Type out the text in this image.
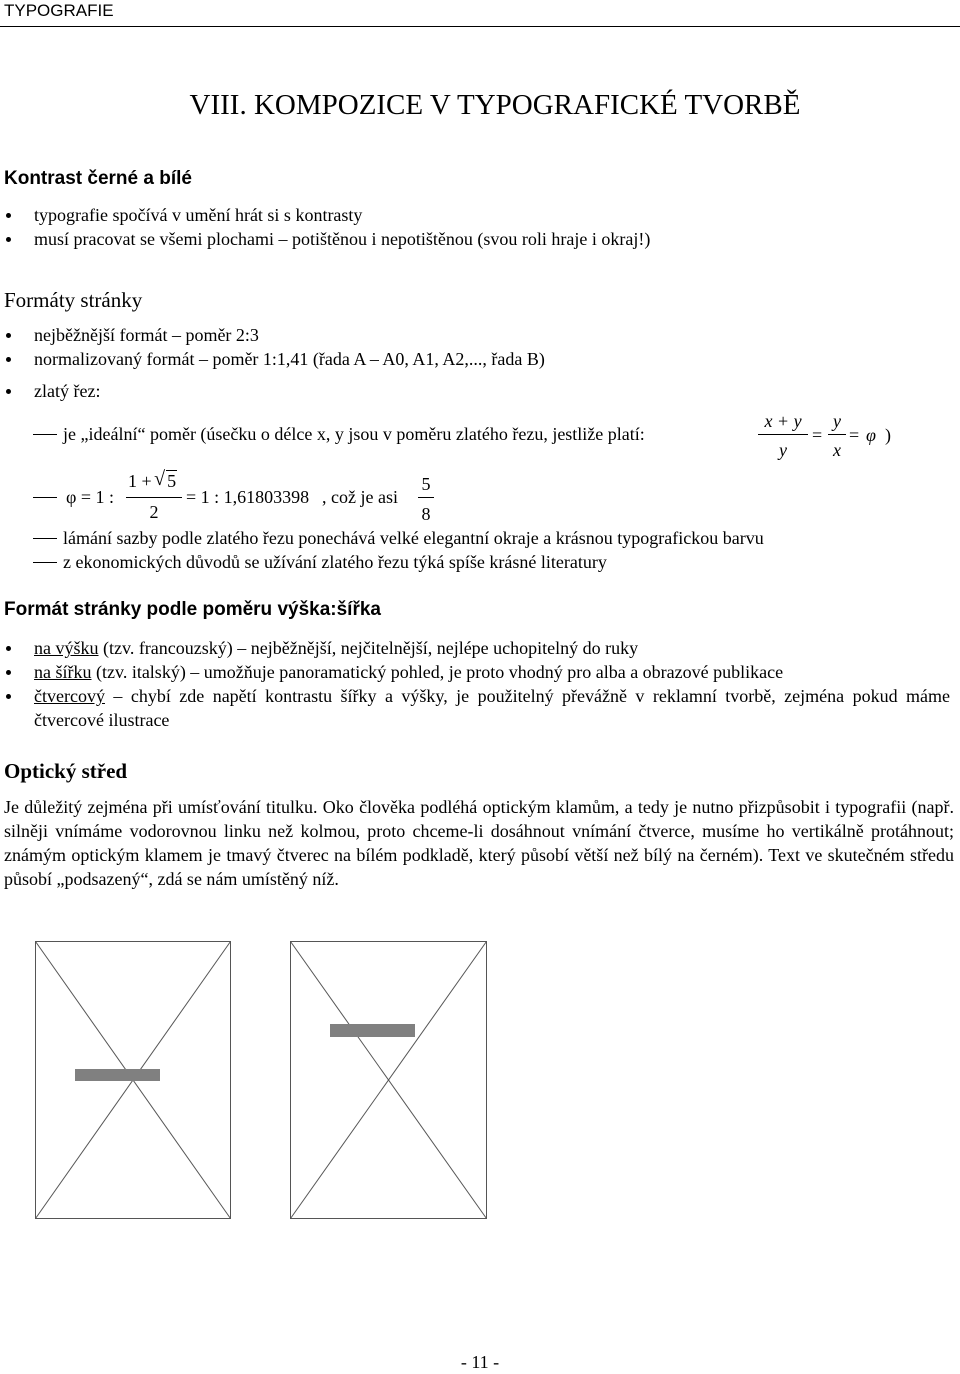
TYPOGRAFIE
VIII. KOMPOZICE V TYPOGRAFICKÉ TVORBĚ
Kontrast černé a bílé
typografie spočívá v umění hrát si s kontrasty
musí pracovat se všemi plochami – potištěnou i nepotištěnou (svou roli hraje i okraj!)
Formáty stránky
nejběžnější formát – poměr 2:3
normalizovaný formát – poměr 1:1,41 (řada A – A0, A1, A2,..., řada B)
zlatý řez:
je „ideální“ poměr (úsečku o délce x, y jsou v poměru zlatého řezu, jestliže platí:
x + y
y
=
y
x
= φ )
φ = 1 :
1 + √ 5
2
= 1 : 1,61803398 , což je asi
5
8
lámání sazby podle zlatého řezu ponechává velké elegantní okraje a krásnou typografickou barvu
z ekonomických důvodů se užívání zlatého řezu týká spíše krásné literatury
Formát stránky podle poměru výška:šířka
na výšku (tzv. francouzský) – nejběžnější, nejčitelnější, nejlépe uchopitelný do ruky
na šířku (tzv. italský) – umožňuje panoramatický pohled, je proto vhodný pro alba a obrazové publikace
čtvercový – chybí zde napětí kontrastu šířky a výšky, je použitelný převážně v reklamní tvorbě, zejména pokud máme čtvercové ilustrace
Optický střed
Je důležitý zejména při umísťování titulku. Oko člověka podléhá optickým klamům, a tedy je nutno přizpůsobit i typografii (např. silněji vnímáme vodorovnou linku než kolmou, proto chceme-li dosáhnout vnímání čtverce, musíme ho vertikálně protáhnout; známým optickým klamem je tmavý čtverec na bílém podkladě, který působí větší než bílý na černém). Text ve skutečném středu působí „podsazený“, zdá se nám umístěný níž.
- 11 -
